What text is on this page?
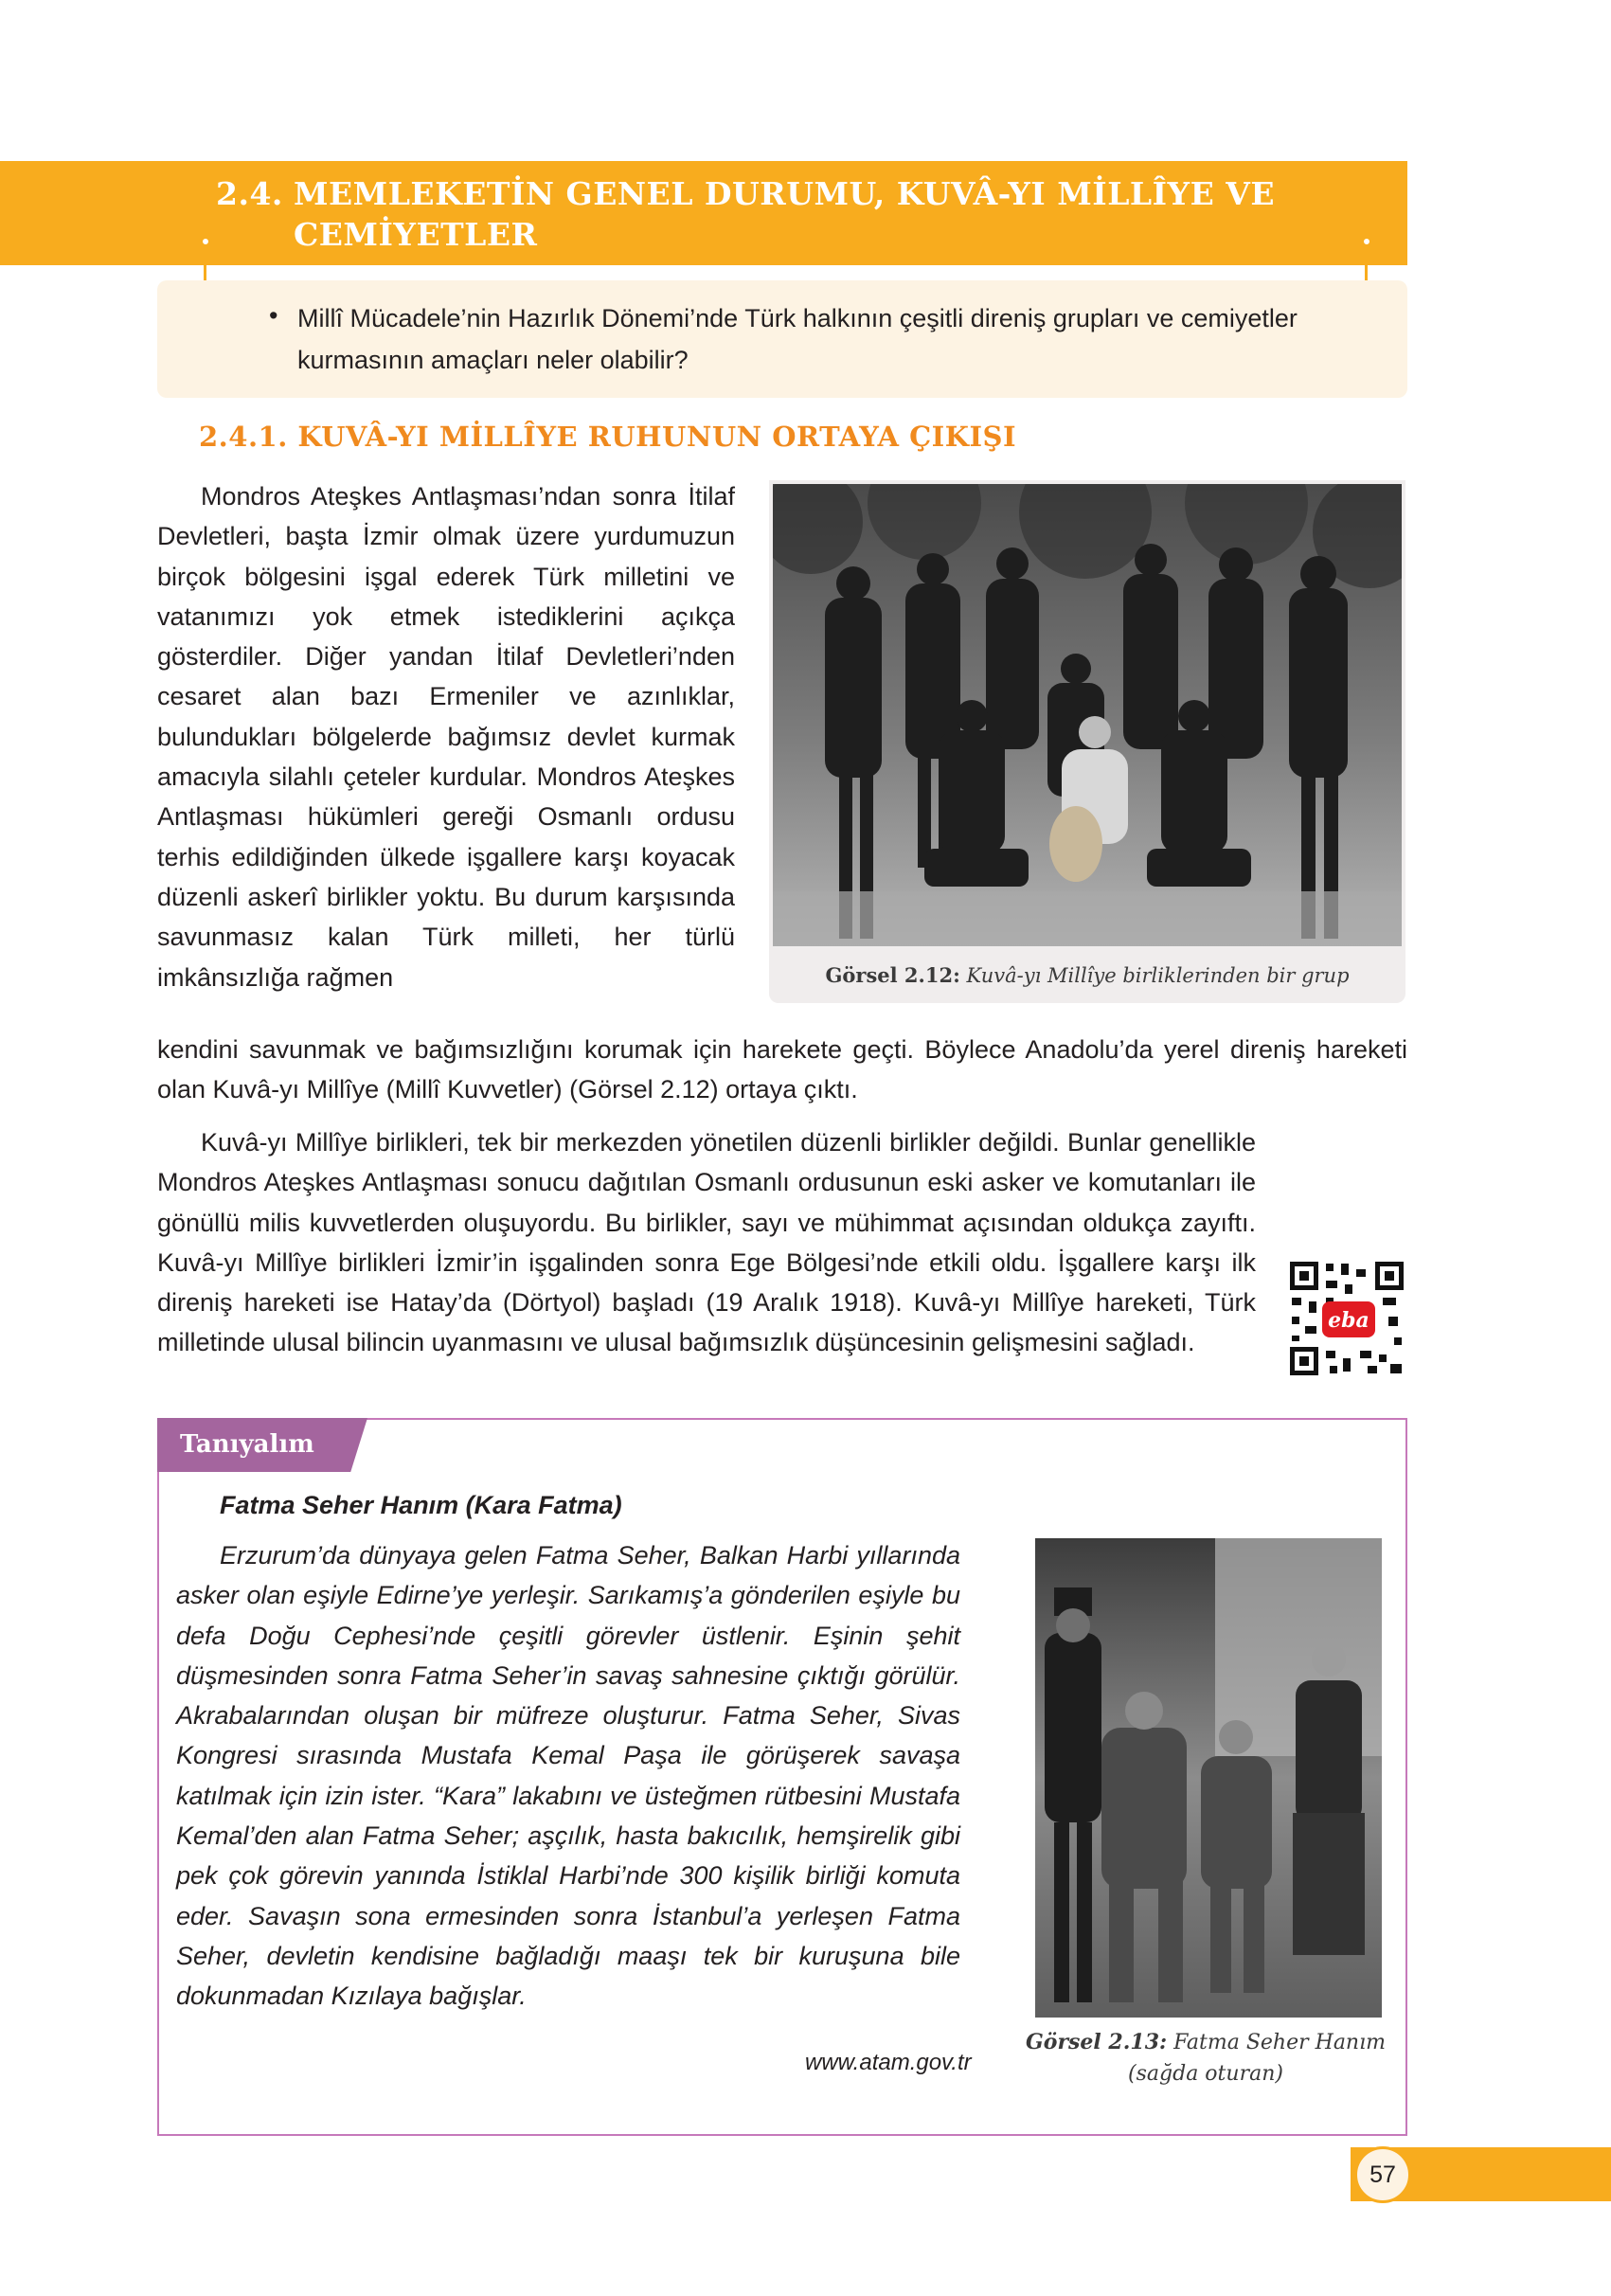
2.4. MEMLEKETİN GENEL DURUMU, KUVÂ-YI MİLLÎYE VE CEMİYETLER
• Millî Mücadele’nin Hazırlık Dönemi’nde Türk halkının çeşitli direniş grupları ve cemiyetler kurmasının amaçları neler olabilir?
2.4.1. KUVÂ-YI MİLLÎYE RUHUNUN ORTAYA ÇIKIŞI

Mondros Ateşkes Antlaşması’ndan sonra İtilaf Devletleri, başta İzmir olmak üzere yurdumuzun birçok bölgesini işgal ederek Türk milletini ve vatanımızı yok etmek istediklerini açıkça gösterdiler. Diğer yandan İtilaf Devletleri’nden cesaret alan bazı Ermeniler ve azınlıklar, bulundukları bölgelerde bağımsız devlet kurmak amacıyla silahlı çeteler kurdular. Mondros Ateşkes Antlaşması hükümleri gereği Osmanlı ordusu terhis edildiğinden ülkede işgallere karşı koyacak düzenli askerî birlikler yoktu. Bu durum karşısında savunmasız kalan Türk milleti, her türlü imkânsızlığa rağmen	Görsel 2.12: Kuvâ-yı Millîye birliklerinden bir grup

kendini savunmak ve bağımsızlığını korumak için harekete geçti. Böylece Anadolu’da yerel direniş hareketi olan Kuvâ-yı Millîye (Millî Kuvvetler) (Görsel 2.12) ortaya çıktı.

Kuvâ-yı Millîye birlikleri, tek bir merkezden yönetilen düzenli birlikler değildi. Bunlar genellikle Mondros Ateşkes Antlaşması sonucu dağıtılan Osmanlı ordusunun eski asker ve komutanları ile gönüllü milis kuvvetlerden oluşuyordu. Bu birlikler, sayı ve mühimmat açısından oldukça zayıftı. Kuvâ-yı Millîye birlikleri İzmir’in işgalinden sonra Ege Bölgesi’nde etkili oldu. İşgallere karşı ilk direniş hareketi ise Hatay’da (Dörtyol) başladı (19 Aralık 1918). Kuvâ-yı Millîye hareketi, Türk milletinde ulusal bilincin uyanmasını ve ulusal bağımsızlık düşüncesinin gelişmesini sağladı.

eba
Tanıyalım
Fatma Seher Hanım (Kara Fatma)

Erzurum’da dünyaya gelen Fatma Seher, Balkan Harbi yıllarında asker olan eşiyle Edirne’ye yerleşir. Sarıkamış’a gönderilen eşiyle bu defa Doğu Cephesi’nde çeşitli görevler üstlenir. Eşinin şehit düşmesinden sonra Fatma Seher’in savaş sahnesine çıktığı görülür. Akrabalarından oluşan bir müfreze oluşturur. Fatma Seher, Sivas Kongresi sırasında Mustafa Kemal Paşa ile görüşerek savaşa katılmak için izin ister. “Kara” lakabını ve üsteğmen rütbesini Mustafa Kemal’den alan Fatma Seher; aşçılık, hasta bakıcılık, hemşirelik gibi pek çok görevin yanında İstiklal Harbi’nde 300 kişilik birliği komuta eder. Savaşın sona ermesinden sonra İstanbul’a yerleşen Fatma Seher, devletin kendisine bağladığı maaşı tek bir kuruşuna bile dokunmadan Kızılaya bağışlar.

www.atam.gov.tr
Görsel 2.13: Fatma Seher Hanım
(sağda oturan)
57
